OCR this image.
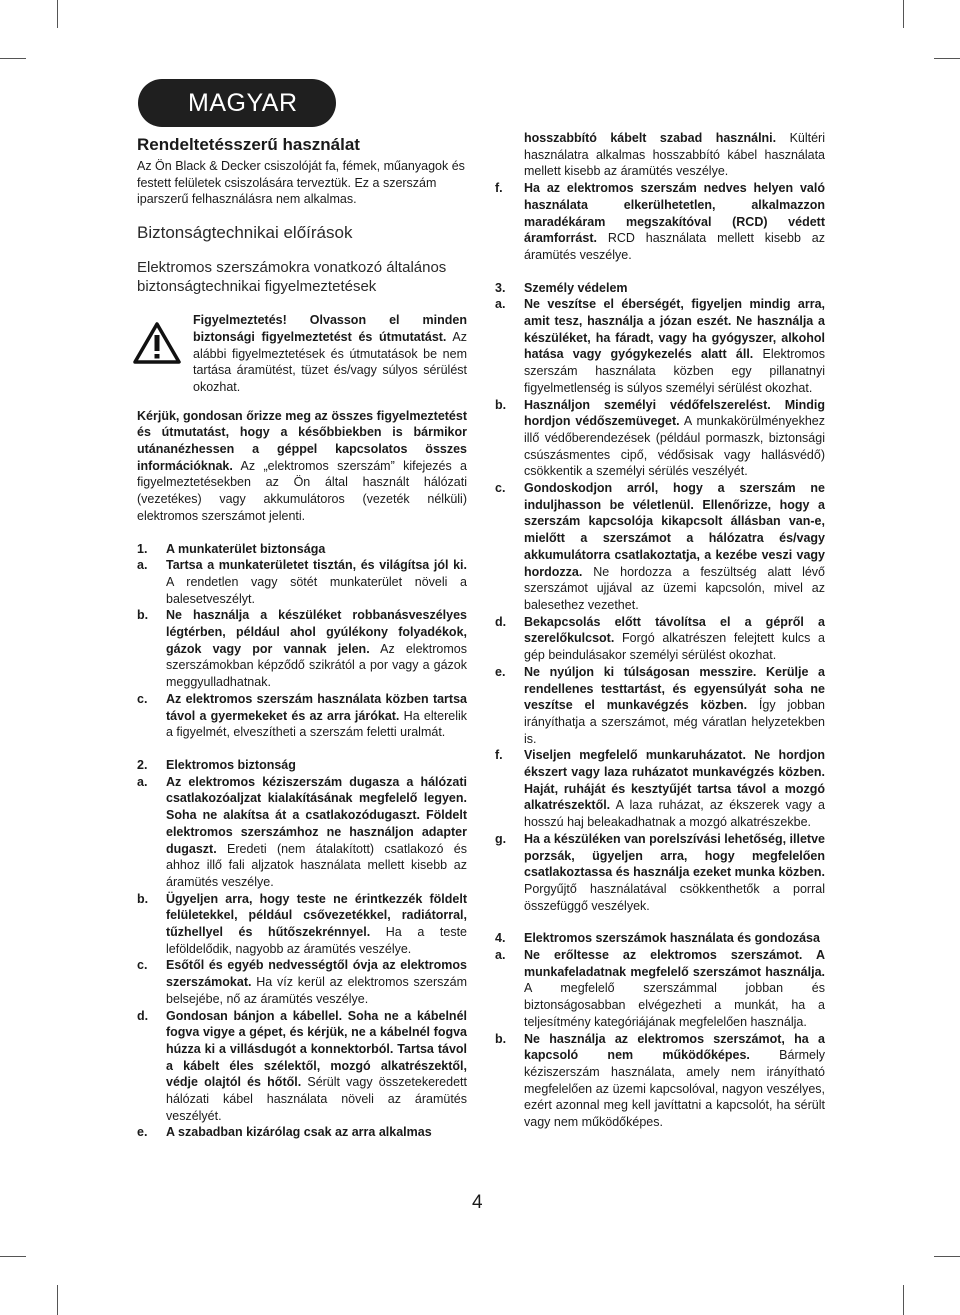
MAGYAR
Rendeltetésszerű használat

Az Ön Black & Decker csiszolóját fa, fémek, műanyagok és festett felületek csiszolására terveztük. Ez a szerszám iparszerű felhasználásra nem alkalmas.

Biztonságtechnikai előírások
Elektromos szerszámokra vonatkozó általános biztonságtechnikai figyelmeztetések
Figyelmeztetés! Olvasson el minden biztonsági figyelmeztetést és útmutatást. Az alábbi figyelmeztetések és útmutatások be nem tartása áramütést, tüzet és/vagy súlyos sérülést okozhat.

Kérjük, gondosan őrizze meg az összes figyelmeztetést és útmutatást, hogy a későbbiekben is bármikor utánanézhessen a géppel kapcsolatos összes információknak. Az „elektromos szerszám” kifejezés a figyelmeztetésekben az Ön által használt hálózati (vezetékes) vagy akkumulátoros (vezeték nélküli) elektromos szerszámot jelenti.

1. A munkaterület biztonsága
a. Tartsa a munkaterületet tisztán, és világítsa jól ki. A rendetlen vagy sötét munkaterület növeli a balesetveszélyt.
b. Ne használja a készüléket robbanásveszélyes légtérben, például ahol gyúlékony folyadékok, gázok vagy por vannak jelen. Az elektromos szerszámokban képződő szikrától a por vagy a gázok meggyulladhatnak.
c. Az elektromos szerszám használata közben tartsa távol a gyermekeket és az arra járókat. Ha elterelik a figyelmét, elveszítheti a szerszám feletti uralmát.
2. Elektromos biztonság
a. Az elektromos kéziszerszám dugasza a hálózati csatlakozóaljzat kialakításának megfelelő legyen. Soha ne alakítsa át a csatlakozódugaszt. Földelt elektromos szerszámhoz ne használjon adapter dugaszt. Eredeti (nem átalakított) csatlakozó és ahhoz illő fali aljzatok használata mellett kisebb az áramütés veszélye.
b. Ügyeljen arra, hogy teste ne érintkezzék földelt felületekkel, például csővezetékkel, radiátorral, tűzhellyel és hűtőszekrénnyel. Ha a teste leföldelődik, nagyobb az áramütés veszélye.
c. Esőtől és egyéb nedvességtől óvja az elektromos szerszámokat. Ha víz kerül az elektromos szerszám belsejébe, nő az áramütés veszélye.
d. Gondosan bánjon a kábellel. Soha ne a kábelnél fogva vigye a gépet, és kérjük, ne a kábelnél fogva húzza ki a villásdugót a konnektorból. Tartsa távol a kábelt éles szélektől, mozgó alkatrészektől, védje olajtól és hőtől. Sérült vagy összetekeredett hálózati kábel használata növeli az áramütés veszélyét.
e. A szabadban kizárólag csak az arra alkalmas
hosszabbító kábelt szabad használni. Kültéri használatra alkalmas hosszabbító kábel használata mellett kisebb az áramütés veszélye.
f. Ha az elektromos szerszám nedves helyen való használata elkerülhetetlen, alkalmazzon maradékáram megszakítóval (RCD) védett áramforrást. RCD használata mellett kisebb az áramütés veszélye.
3. Személy védelem
a. Ne veszítse el éberségét, figyeljen mindig arra, amit tesz, használja a józan eszét. Ne használja a készüléket, ha fáradt, vagy ha gyógyszer, alkohol hatása vagy gyógykezelés alatt áll. Elektromos szerszám használata közben egy pillanatnyi figyelmetlenség is súlyos személyi sérülést okozhat.
b. Használjon személyi védőfelszerelést. Mindig hordjon védőszemüveget. A munkakörülményekhez illő védőberendezések (például pormaszk, biztonsági csúszásmentes cipő, védősisak vagy hallásvédő) csökkentik a személyi sérülés veszélyét.
c. Gondoskodjon arról, hogy a szerszám ne induljhasson be véletlenül. Ellenőrizze, hogy a szerszám kapcsolója kikapcsolt állásban van-e, mielőtt a szerszámot a hálózatra és/vagy akkumulátorra csatlakoztatja, a kezébe veszi vagy hordozza. Ne hordozza a feszültség alatt lévő szerszámot ujjával az üzemi kapcsolón, mivel az balesethez vezethet.
d. Bekapcsolás előtt távolítsa el a gépről a szerelőkulcsot. Forgó alkatrészen felejtett kulcs a gép beindulásakor személyi sérülést okozhat.
e. Ne nyúljon ki túlságosan messzire. Kerülje a rendellenes testtartást, és egyensúlyát soha ne veszítse el munkavégzés közben. Így jobban irányíthatja a szerszámot, még váratlan helyzetekben is.
f. Viseljen megfelelő munkaruházatot. Ne hordjon ékszert vagy laza ruházatot munkavégzés közben. Haját, ruháját és kesztyűjét tartsa távol a mozgó alkatrészektől. A laza ruházat, az ékszerek vagy a hosszú haj beleakadhatnak a mozgó alkatrészekbe.
g. Ha a készüléken van porelszívási lehetőség, illetve porzsák, ügyeljen arra, hogy megfelelően csatlakoztassa és használja ezeket munka közben. Porgyűjtő használatával csökkenthetők a porral összefüggő veszélyek.
4. Elektromos szerszámok használata és gondozása
a. Ne erőltesse az elektromos szerszámot. A munkafeladatnak megfelelő szerszámot használja. A megfelelő szerszámmal jobban és biztonságosabban elvégezheti a munkát, ha a teljesítmény kategóriájának megfelelően használja.
b. Ne használja az elektromos szerszámot, ha a kapcsoló nem működőképes. Bármely kéziszerszám használata, amely nem irányítható megfelelően az üzemi kapcsolóval, nagyon veszélyes, ezért azonnal meg kell javíttatni a kapcsolót, ha sérült vagy nem működőképes.
4
